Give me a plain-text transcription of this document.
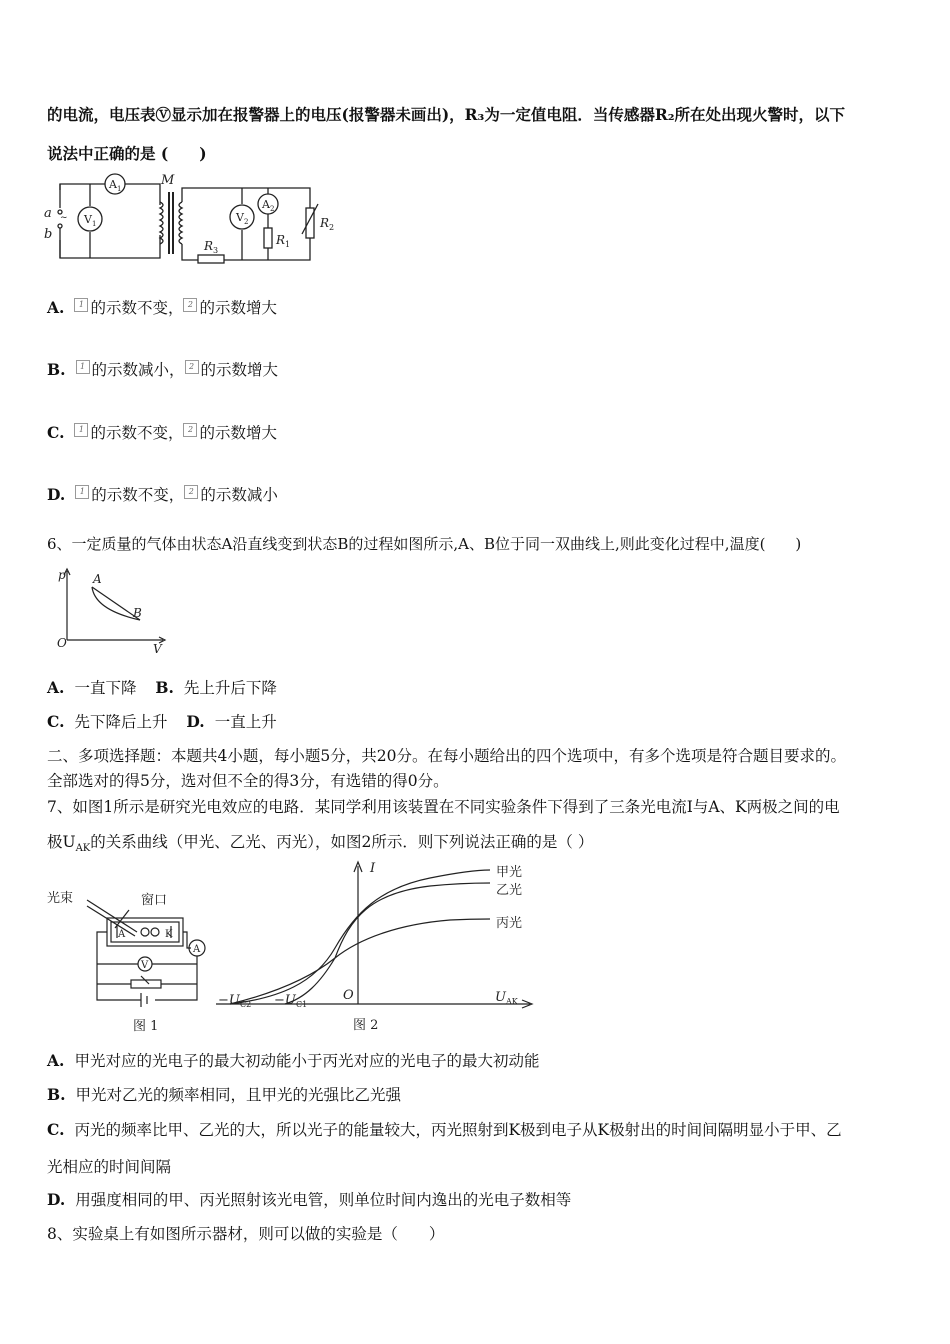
的电流，电压表Ⓥ显示加在报警器上的电压(报警器未画出)，R₃为一定值电阻．当传感器R₂所在处出现火警时，以下
说法中正确的是 (　　)
a
b
M
~
A 1
V 1	V 2
A 2
R 1
R 2
R 3
A. 1 的示数不变， 2 的示数增大
B. 1 的示数减小， 2 的示数增大
C. 1 的示数不变， 2 的示数增大
D. 1 的示数不变， 2 的示数减小
6、一定质量的气体由状态A沿直线变到状态B的过程如图所示,A、B位于同一双曲线上,则此变化过程中,温度(　　)
p
V
O
A
B
A. 一直下降 B. 先上升后下降
C. 先下降后上升 D. 一直上升
二、多项选择题：本题共4小题，每小题5分，共20分。在每小题给出的四个选项中，有多个选项是符合题目要求的。
全部选对的得5分，选对但不全的得3分，有选错的得0分。
7、如图1所示是研究光电效应的电路．某同学利用该装置在不同实验条件下得到了三条光电流I与A、K两极之间的电
极$U_{AK}$的关系曲线（甲光、乙光、丙光），如图2所示．则下列说法正确的是（ ）
光束	窗口
图 1
A	K
A
V
I	甲光
乙光
丙光
O	U AK
−U C2 −U C1
图 2
A. 甲光对应的光电子的最大初动能小于丙光对应的光电子的最大初动能
B. 甲光对乙光的频率相同，且甲光的光强比乙光强
C. 丙光的频率比甲、乙光的大，所以光子的能量较大，丙光照射到K极到电子从K极射出的时间间隔明显小于甲、乙
光相应的时间间隔
D. 用强度相同的甲、丙光照射该光电管，则单位时间内逸出的光电子数相等
8、实验桌上有如图所示器材，则可以做的实验是（　　）
